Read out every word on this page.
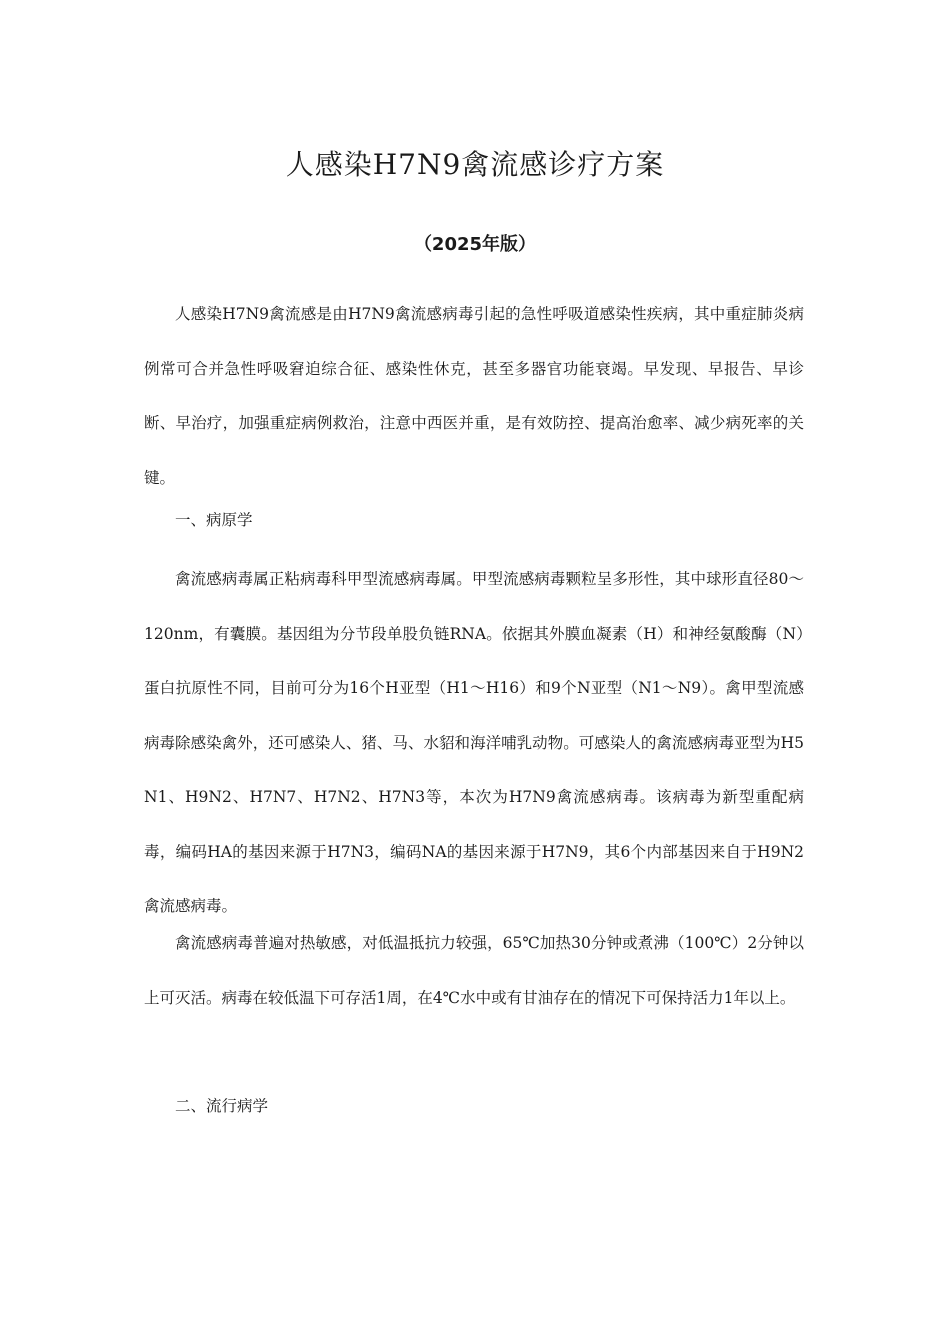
人感染H7N9禽流感诊疗方案
（2025年版）

人感染H7N9禽流感是由H7N9禽流感病毒引起的急性呼吸道感染性疾病，其中重症肺炎病例常可合并急性呼吸窘迫综合征、感染性休克，甚至多器官功能衰竭。早发现、早报告、早诊断、早治疗，加强重症病例救治，注意中西医并重，是有效防控、提高治愈率、减少病死率的关键。

一、病原学

禽流感病毒属正粘病毒科甲型流感病毒属。甲型流感病毒颗粒呈多形性，其中球形直径80～120nm，有囊膜。基因组为分节段单股负链RNA。依据其外膜血凝素（H）和神经氨酸酶（N）蛋白抗原性不同，目前可分为16个H亚型（H1～H16）和9个N亚型（N1～N9）。禽甲型流感病毒除感染禽外，还可感染人、猪、马、水貂和海洋哺乳动物。可感染人的禽流感病毒亚型为H5N1、H9N2、H7N7、H7N2、H7N3等，本次为H7N9禽流感病毒。该病毒为新型重配病毒，编码HA的基因来源于H7N3，编码NA的基因来源于H7N9，其6个内部基因来自于H9N2禽流感病毒。

禽流感病毒普遍对热敏感，对低温抵抗力较强，65℃加热30分钟或煮沸（100℃）2分钟以上可灭活。病毒在较低温下可存活1周，在4℃水中或有甘油存在的情况下可保持活力1年以上。

二、流行病学
